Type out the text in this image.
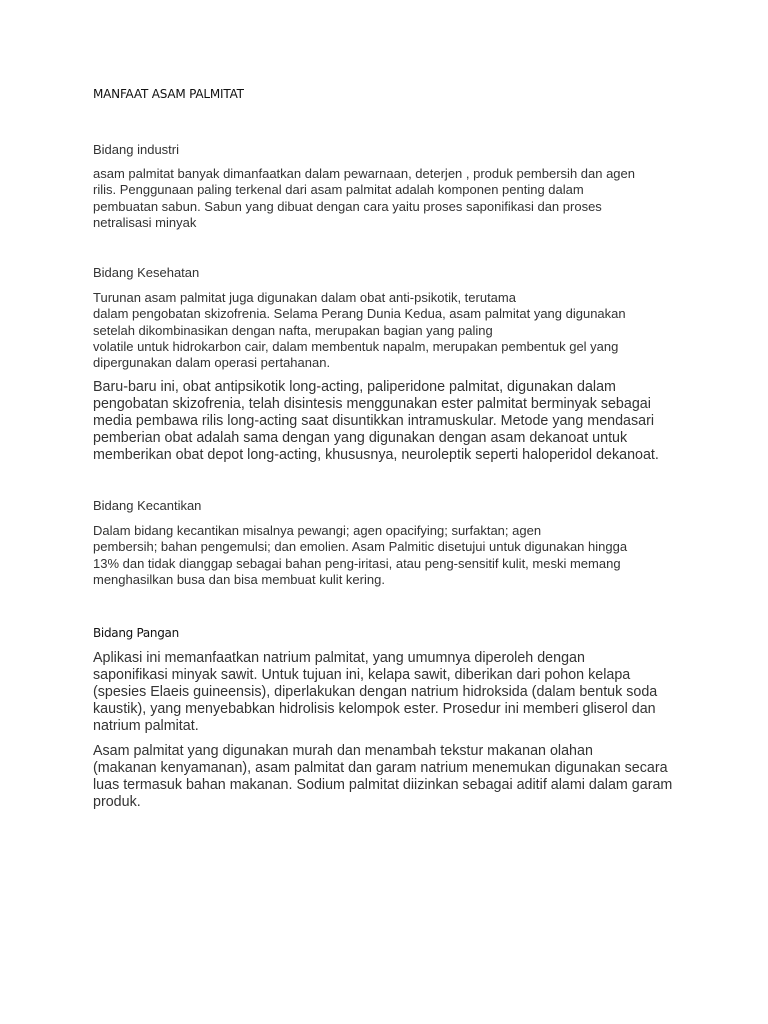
MANFAAT ASAM PALMITAT
Bidang industri

asam palmitat banyak dimanfaatkan dalam pewarnaan, deterjen , produk pembersih dan agen
rilis. Penggunaan paling terkenal dari asam palmitat adalah komponen penting dalam
pembuatan sabun. Sabun yang dibuat dengan cara yaitu proses saponifikasi dan proses
netralisasi minyak

Bidang Kesehatan

Turunan asam palmitat juga digunakan dalam obat anti-psikotik, terutama
dalam pengobatan skizofrenia. Selama Perang Dunia Kedua, asam palmitat yang digunakan
setelah dikombinasikan dengan nafta, merupakan bagian yang paling
volatile untuk hidrokarbon cair, dalam membentuk napalm, merupakan pembentuk gel yang
dipergunakan dalam operasi pertahanan.

Baru-baru ini, obat antipsikotik long-acting, paliperidone palmitat, digunakan dalam
pengobatan skizofrenia, telah disintesis menggunakan ester palmitat berminyak sebagai
media pembawa rilis long-acting saat disuntikkan intramuskular. Metode yang mendasari
pemberian obat adalah sama dengan yang digunakan dengan asam dekanoat untuk
memberikan obat depot long-acting, khususnya, neuroleptik seperti haloperidol dekanoat.

Bidang Kecantikan

Dalam bidang kecantikan misalnya pewangi; agen opacifying; surfaktan; agen
pembersih; bahan pengemulsi; dan emolien. Asam Palmitic disetujui untuk digunakan hingga
13% dan tidak dianggap sebagai bahan peng-iritasi, atau peng-sensitif kulit, meski memang
menghasilkan busa dan bisa membuat kulit kering.

Bidang Pangan

Aplikasi ini memanfaatkan natrium palmitat, yang umumnya diperoleh dengan
saponifikasi minyak sawit. Untuk tujuan ini, kelapa sawit, diberikan dari pohon kelapa
(spesies Elaeis guineensis), diperlakukan dengan natrium hidroksida (dalam bentuk soda
kaustik), yang menyebabkan hidrolisis kelompok ester. Prosedur ini memberi gliserol dan
natrium palmitat.

Asam palmitat yang digunakan murah dan menambah tekstur makanan olahan
(makanan kenyamanan), asam palmitat dan garam natrium menemukan digunakan secara
luas termasuk bahan makanan. Sodium palmitat diizinkan sebagai aditif alami dalam garam
produk.
